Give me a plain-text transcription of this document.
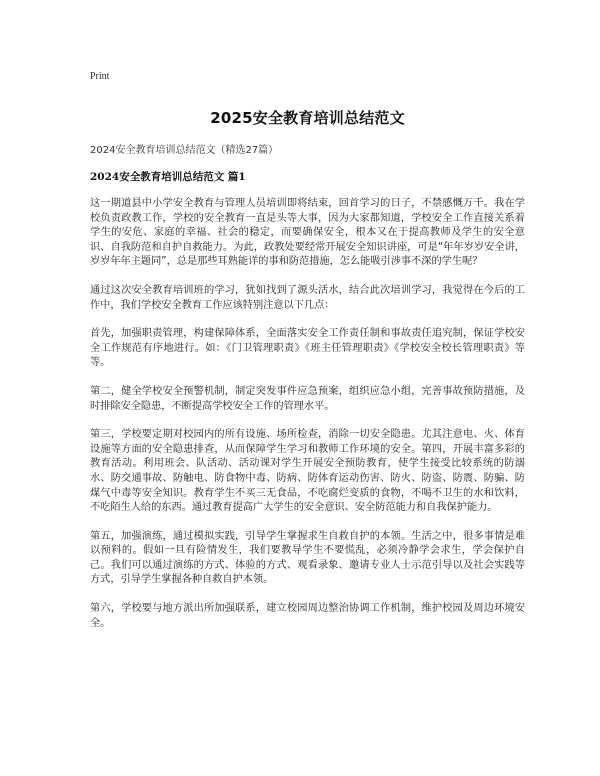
Print

2025安全教育培训总结范文

2024安全教育培训总结范文（精选27篇）

2024安全教育培训总结范文 篇1

这一期道县中小学安全教育与管理人员培训即将结束，回首学习的日子，不禁感慨万千。我在学校负责政教工作，学校的安全教育一直是头等大事，因为大家都知道，学校安全工作直接关系着学生的安危、家庭的幸福、社会的稳定，而要确保安全，根本又在于提高教师及学生的安全意识、自我防范和自护自救能力。为此，政教处要经常开展安全知识讲座，可是“年年岁岁安全讲，岁岁年年主题同”，总是那些耳熟能详的事和防范措施，怎么能吸引涉事不深的学生呢？

通过这次安全教育培训班的学习，犹如找到了源头活水，结合此次培训学习，我觉得在今后的工作中，我们学校安全教育工作应该特别注意以下几点：

首先，加强职责管理，构建保障体系，全面落实安全工作责任制和事故责任追究制，保证学校安全工作规范有序地进行。如：《门卫管理职责》《班主任管理职责》《学校安全校长管理职责》等等。

第二，健全学校安全预警机制，制定突发事件应急预案，组织应急小组，完善事故预防措施，及时排除安全隐患，不断提高学校安全工作的管理水平。

第三，学校要定期对校园内的所有设施、场所检查，消除一切安全隐患。尤其注意电、火、体育设施等方面的安全隐患排查，从而保障学生学习和教师工作环境的安全。第四，开展丰富多彩的教育活动。利用班会、队活动、活动课对学生开展安全预防教育，使学生接受比较系统的防溺水、防交通事故、防触电、防食物中毒、防病、防体育运动伤害、防火、防盗、防震、防骗、防煤气中毒等安全知识。教育学生不买三无食品，不吃腐烂变质的食物，不喝不卫生的水和饮料，不吃陌生人给的东西。通过教育提高广大学生的安全意识、安全防范能力和自我保护能力。

第五，加强演练，通过模拟实践，引导学生掌握求生自救自护的本领。生活之中，很多事情是难以预料的。假如一旦有险情发生，我们要教导学生不要慌乱，必须冷静学会求生，学会保护自己。我们可以通过演练的方式、体验的方式、观看录象、邀请专业人士示范引导以及社会实践等方式，引导学生掌握各种自救自护本领。

第六，学校要与地方派出所加强联系，建立校园周边整治协调工作机制，维护校园及周边环境安全。
